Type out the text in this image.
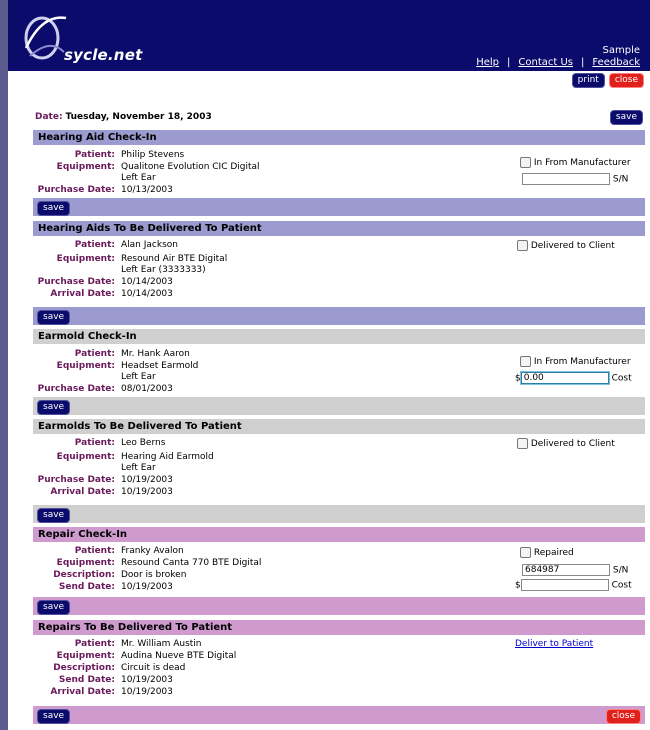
sycle.net	Sample
Help | Contact Us | Feedback
print close
Date: Tuesday, November 18, 2003	save
Hearing Aid Check-In
Patient: Philip Stevens
Equipment: Qualitone Evolution CIC Digital
Left Ear
Purchase Date: 10/13/2003
In From Manufacturer
S/N
save
Hearing Aids To Be Delivered To Patient
Patient: Alan Jackson
Equipment: Resound Air BTE Digital
Left Ear (3333333)
Purchase Date: 10/14/2003
Arrival Date: 10/14/2003
Delivered to Client
save
Earmold Check-In
Patient: Mr. Hank Aaron
Equipment: Headset Earmold
Left Ear
Purchase Date: 08/01/2003
In From Manufacturer
$ 0.00	Cost
save
Earmolds To Be Delivered To Patient
Patient: Leo Berns
Equipment: Hearing Aid Earmold
Left Ear
Purchase Date: 10/19/2003
Arrival Date: 10/19/2003
Delivered to Client
save
Repair Check-In
Patient: Franky Avalon
Equipment: Resound Canta 770 BTE Digital
Description: Door is broken
Send Date: 10/19/2003
Repaired
684987	S/N
$	Cost
save
Repairs To Be Delivered To Patient
Patient: Mr. William Austin
Equipment: Audina Nueve BTE Digital
Description: Circuit is dead
Send Date: 10/19/2003
Arrival Date: 10/19/2003
Deliver to Patient
save	close
